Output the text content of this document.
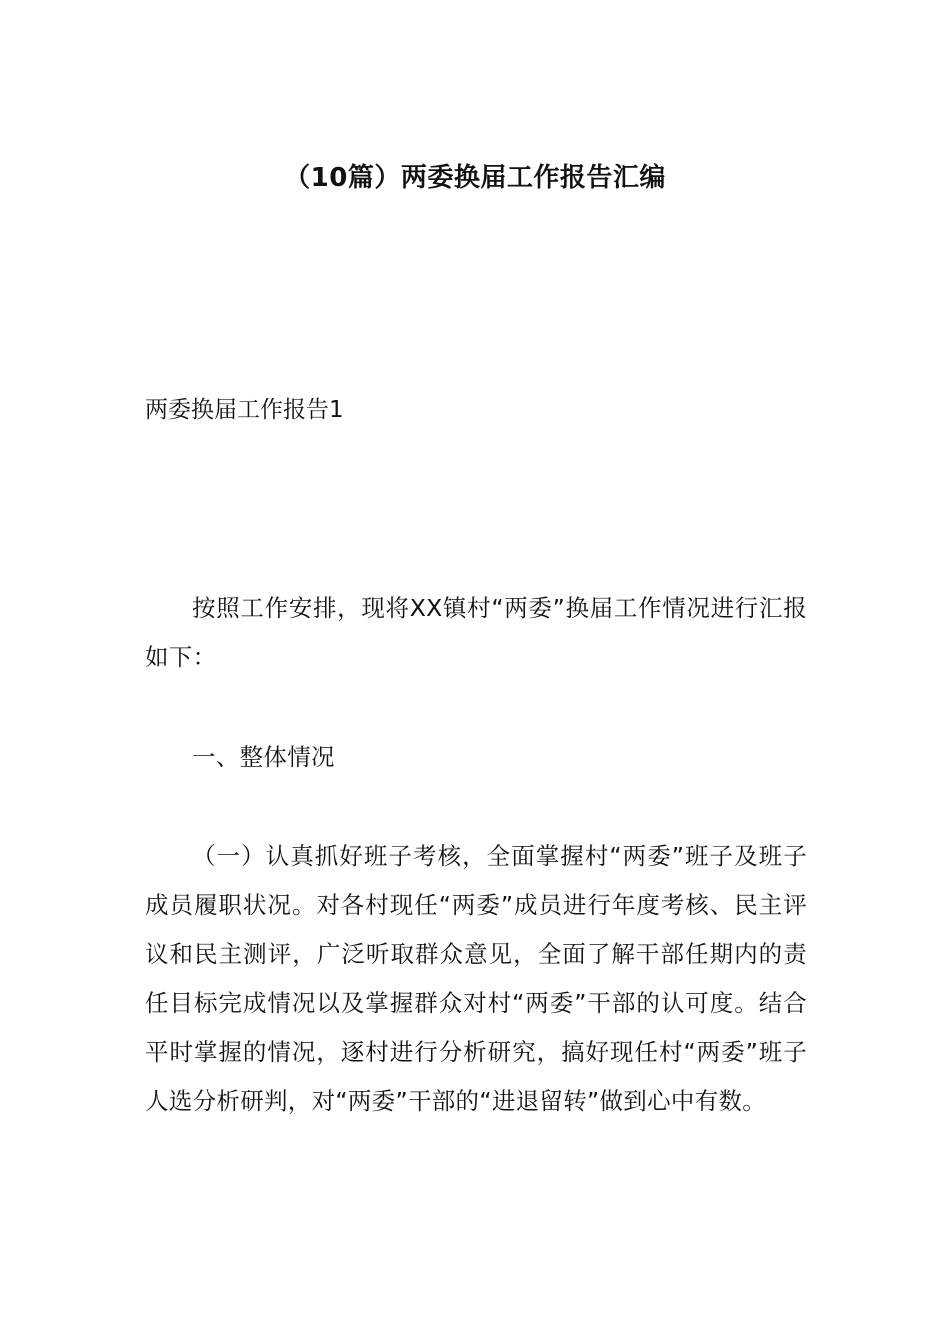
（10篇）两委换届工作报告汇编
两委换届工作报告1

按照工作安排，现将XX镇村“两委”换届工作情况进行汇报如下：

一、整体情况

（一）认真抓好班子考核，全面掌握村“两委”班子及班子成员履职状况。对各村现任“两委”成员进行年度考核、民主评议和民主测评，广泛听取群众意见，全面了解干部任期内的责任目标完成情况以及掌握群众对村“两委”干部的认可度。结合平时掌握的情况，逐村进行分析研究，搞好现任村“两委”班子人选分析研判，对“两委”干部的“进退留转”做到心中有数。
